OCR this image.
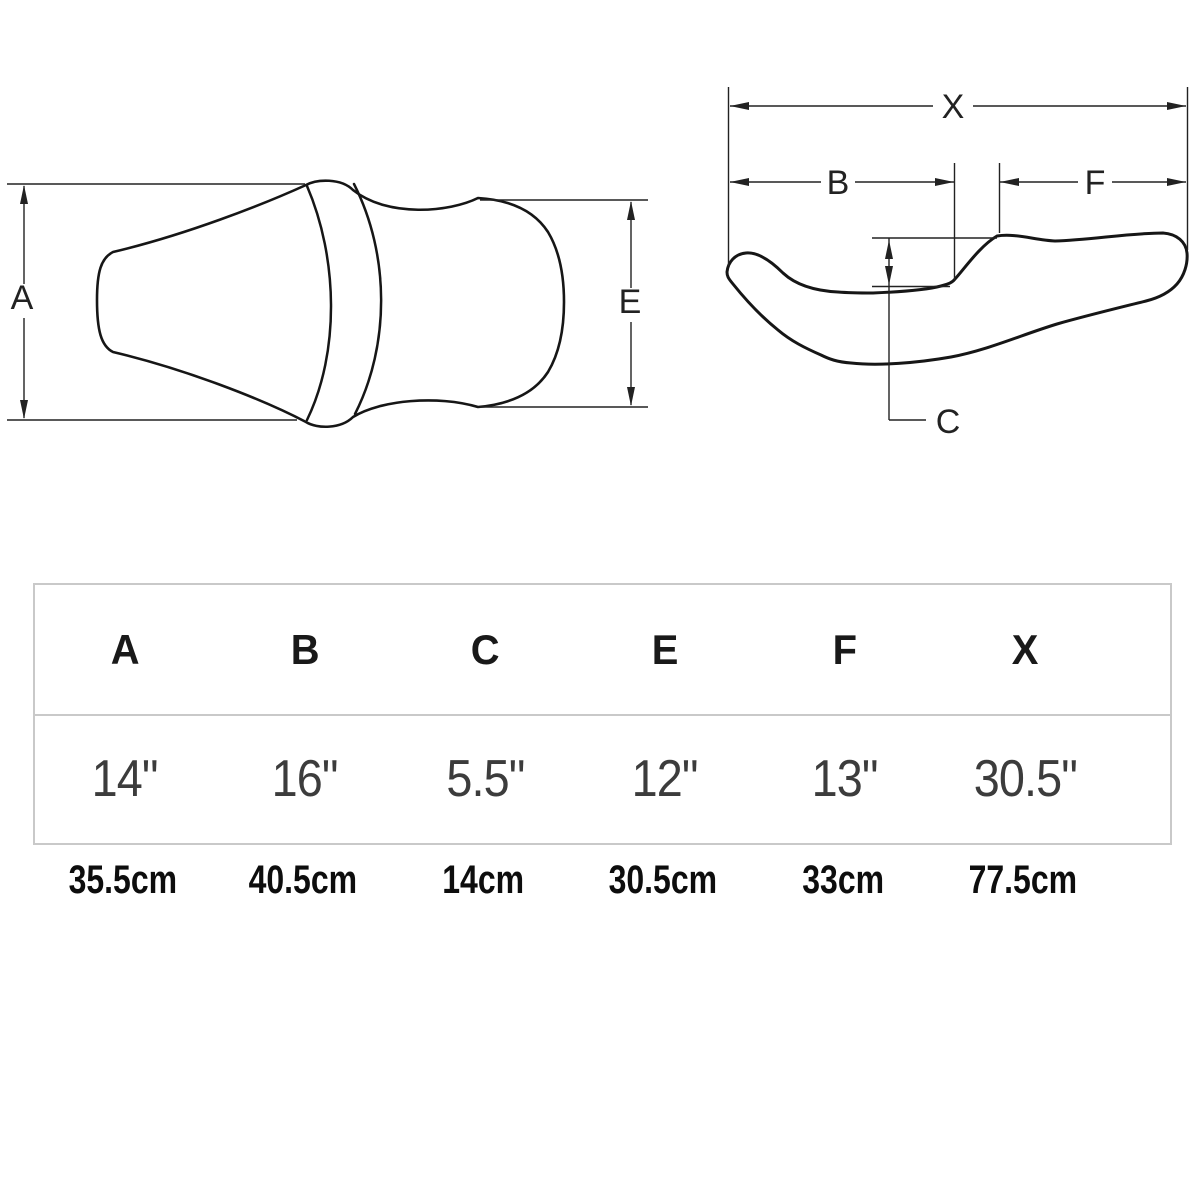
A	E
X
B	F
C
A	B	C	E	F	X
14" 16" 5.5" 12" 13" 30.5"
35.5cm 40.5cm 14cm 30.5cm 33cm 77.5cm
